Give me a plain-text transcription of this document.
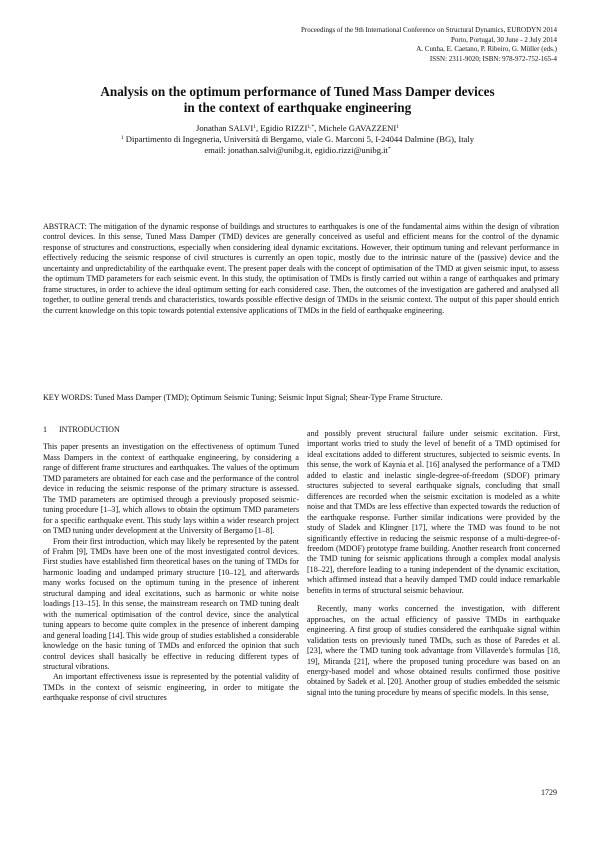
Proceedings of the 9th International Conference on Structural Dynamics, EURODYN 2014
Porto, Portugal, 30 June - 2 July 2014
A. Cunha, E. Caetano, P. Ribeiro, G. Müller (eds.)
ISSN: 2311-9020; ISBN: 978-972-752-165-4
Analysis on the optimum performance of Tuned Mass Damper devices
in the context of earthquake engineering
Jonathan SALVI$^1$, Egidio $RIZZI^{1,*}$, Michele GAVAZZENI$^1$
$^1$ Dipartimento di Ingegneria, Università di Bergamo, viale G. Marconi 5, I-24044 Dalmine (BG), Italy
email: jonathan.salvi@unibg.it, egidio.rizzi@unibg.it*
ABSTRACT: The mitigation of the dynamic response of buildings and structures to earthquakes is one of the fundamental aims within the design of vibration control devices. In this sense, Tuned Mass Damper (TMD) devices are generally conceived as useful and efficient means for the control of the dynamic response of structures and constructions, especially when considering ideal dynamic excitations. However, their optimum tuning and relevant performance in effectively reducing the seismic response of civil structures is currently an open topic, mostly due to the intrinsic nature of the (passive) device and the uncertainty and unpredictability of the earthquake event. The present paper deals with the concept of optimisation of the TMD at given seismic input, to assess the optimum TMD parameters for each seismic event. In this study, the optimisation of TMDs is firstly carried out within a range of earthquakes and primary frame structures, in order to achieve the ideal optimum setting for each considered case. Then, the outcomes of the investigation are gathered and analysed all together, to outline general trends and characteristics, towards possible effective design of TMDs in the seismic context. The output of this paper should enrich the current knowledge on this topic towards potential extensive applications of TMDs in the field of earthquake engineering.
KEY WORDS: Tuned Mass Damper (TMD); Optimum Seismic Tuning; Seismic Input Signal; Shear-Type Frame Structure.
1 INTRODUCTION

This paper presents an investigation on the effectiveness of optimum Tuned Mass Dampers in the context of earthquake engineering, by considering a range of different frame structures and earthquakes. The values of the optimum TMD parameters are obtained for each case and the performance of the control device in reducing the seismic response of the primary structure is assessed. The TMD parameters are optimised through a previously proposed seismic-tuning procedure [1–3], which allows to obtain the optimum TMD parameters for a specific earthquake event. This study lays within a wider research project on TMD tuning under development at the University of Bergamo [1–8].

From their first introduction, which may likely be represented by the patent of Frahm [9], TMDs have been one of the most investigated control devices. First studies have established firm theoretical bases on the tuning of TMDs for harmonic loading and undamped primary structure [10–12], and afterwards many works focused on the optimum tuning in the presence of inherent structural damping and ideal excitations, such as harmonic or white noise loadings [13–15]. In this sense, the mainstream research on TMD tuning dealt with the numerical optimisation of the control device, since the analytical tuning appears to become quite complex in the presence of inherent damping and general loading [14]. This wide group of studies established a considerable knowledge on the basic tuning of TMDs and enforced the opinion that such control devices shall basically be effective in reducing different types of structural vibrations.

An important effectiveness issue is represented by the potential validity of TMDs in the context of seismic engineering, in order to mitigate the earthquake response of civil structures

and possibly prevent structural failure under seismic excitation. First, important works tried to study the level of benefit of a TMD optimised for ideal excitations added to different structures, subjected to seismic events. In this sense, the work of Kaynia et al. [16] analysed the performance of a TMD added to elastic and inelastic single-degree-of-freedom (SDOF) primary structures subjected to several earthquake signals, concluding that small differences are recorded when the seismic excitation is modeled as a white noise and that TMDs are less effective than expected towards the reduction of the earthquake response. Further similar indications were provided by the study of Sladek and Klingner [17], where the TMD was found to be not significantly effective in reducing the seismic response of a multi-degree-of-freedom (MDOF) prototype frame building. Another research front concerned the TMD tuning for seismic applications through a complex modal analysis [18–22], therefore leading to a tuning independent of the dynamic excitation, which affirmed instead that a heavily damped TMD could induce remarkable benefits in terms of structural seismic behaviour.

Recently, many works concerned the investigation, with different approaches, on the actual efficiency of passive TMDs in earthquake engineering. A first group of studies considered the earthquake signal within validation tests on previously tuned TMDs, such as those of Paredes et al. [23], where the TMD tuning took advantage from Villaverde's formulas [18, 19], Miranda [21], where the proposed tuning procedure was based on an energy-based model and whose obtained results confirmed those positive obtained by Sadek et al. [20]. Another group of studies embedded the seismic signal into the tuning procedure by means of specific models. In this sense,

1729
